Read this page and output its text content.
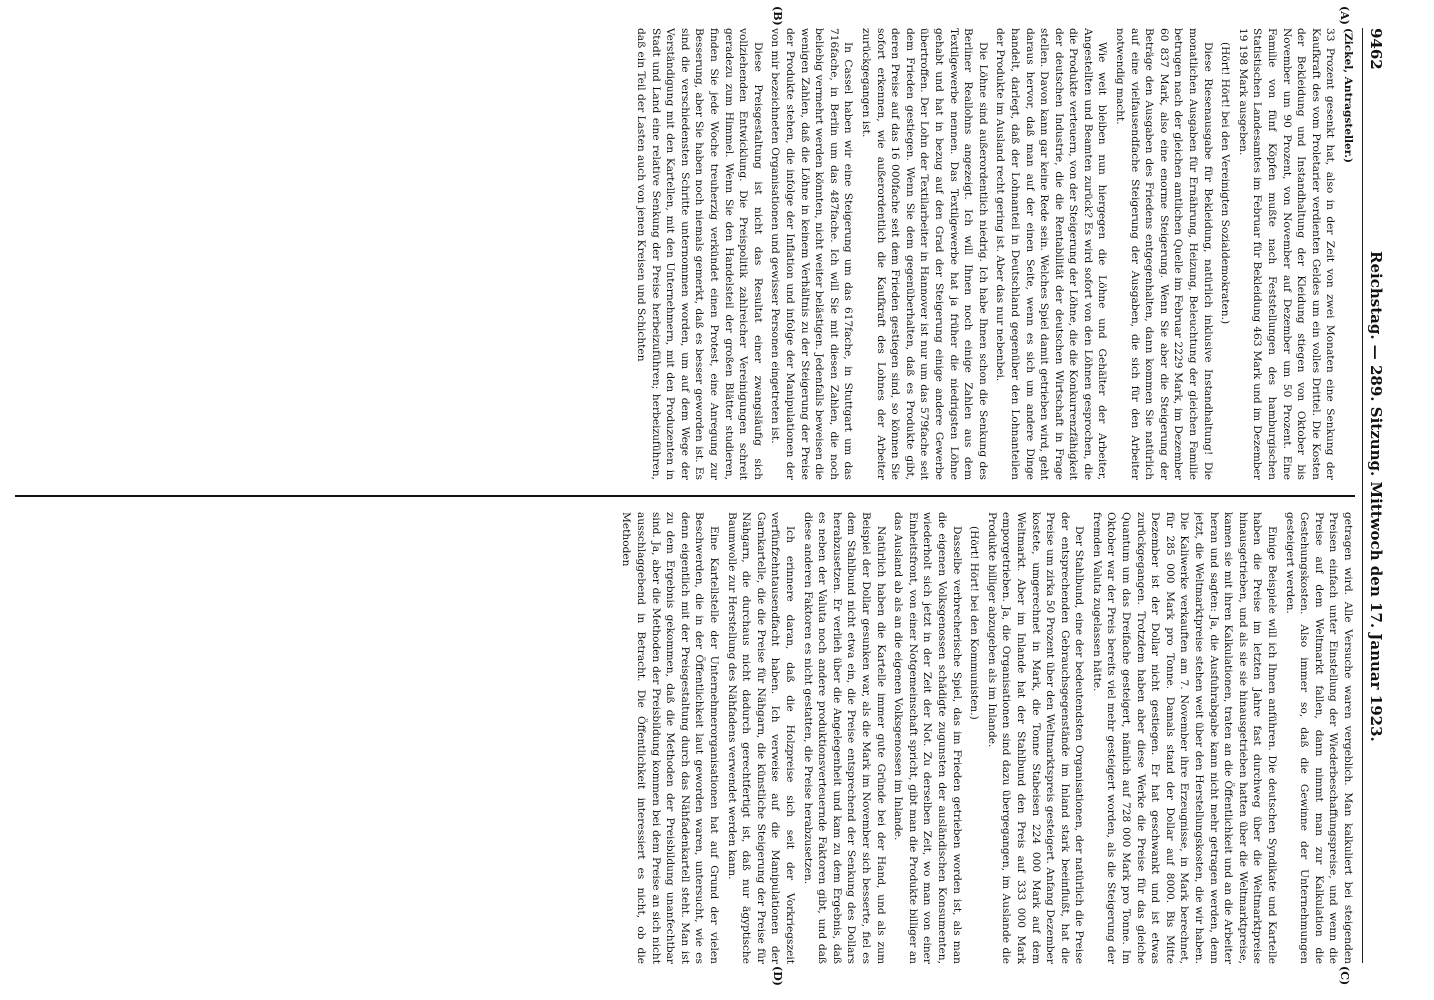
9462
Reichstag. — 289. Sitzung. Mittwoch den 17. Januar 1923.
(A)
(B)
(C)
(D)

(Zickel, Antragsteller.)

33 Prozent gesenkt hat, also in der Zeit von zwei Monaten eine Senkung der Kaufkraft des vom Proletarier verdienten Geldes um ein volles Drittel. Die Kosten der Bekleidung und Instandhaltung der Kleidung stiegen von Oktober bis November um 90 Prozent, von November auf Dezember um 50 Prozent. Eine Familie von fünf Köpfen mußte nach Feststellungen des hamburgischen Statistischen Landesamtes im Februar für Bekleidung 463 Mark und im Dezember 19 198 Mark ausgeben.

(Hört! Hört! bei den Vereinigten Sozialdemokraten.)

Diese Riesenausgabe für Bekleidung, natürlich inklusive Instandhaltung! Die monatlichen Ausgaben für Ernährung, Heizung, Beleuchtung der gleichen Familie betrugen nach der gleichen amtlichen Quelle im Februar 2229 Mark, im Dezember 60 837 Mark, also eine enorme Steigerung. Wenn Sie aber die Steigerung der Beträge den Ausgaben des Friedens entgegenhalten, dann kommen Sie natürlich auf eine vielfausendfache Steigerung der Ausgaben, die sich für den Arbeiter notwendig macht.

Wie weit bleiben nun hiergegen die Löhne und Gehälter der Arbeiter, Angestellten und Beamten zurück? Es wird sofort von den Löhnen gesprochen, die die Produkte verteuern, von der Steigerung der Löhne, die die Konkurrenzfähigkeit der deutschen Industrie, die die Rentabilität der deutschen Wirtschaft in Frage stellen. Davon kann gar keine Rede sein. Welches Spiel damit getrieben wird, geht daraus hervor, daß man auf der einen Seite, wenn es sich um andere Dinge handelt, darlegt, daß der Lohnanteil in Deutschland gegenüber den Lohnanteilen der Produkte im Ausland recht gering ist. Aber das nur nebenbei.

Die Löhne sind außerordentlich niedrig. Ich habe Ihnen schon die Senkung des Berliner Reallohns angezeigt. Ich will Ihnen noch einige Zahlen aus dem Textilgewerbe nennen. Das Textilgewerbe hat ja früher die niedrigsten Löhne gehabt und hat in bezug auf den Grad der Steigerung einige andere Gewerbe übertroffen. Der Lohn der Textilarbeiter in Hannover ist nur um das 579fache seit dem Frieden gestiegen. Wenn Sie dem gegenüberhalten, daß es Produkte gibt, deren Preise auf das 16 000fache seit dem Frieden gestiegen sind, so können Sie sofort erkennen, wie außerordentlich die Kaufkraft des Lohnes der Arbeiter zurückgegangen ist.

In Cassel haben wir eine Steigerung um das 617fache, in Stuttgart um das 716fache, in Berlin um das 487fache. Ich will Sie mit diesen Zahlen, die noch beliebig vermehrt werden könnten, nicht weiter belästigen. Jedenfalls beweisen die wenigen Zahlen, daß die Löhne in keinem Verhältnis zu der Steigerung der Preise der Produkte stehen, die infolge der Inflation und infolge der Manipulationen der von mir bezeichneten Organisationen und gewisser Personen eingetreten ist.

Diese Preisgestaltung ist nicht das Resultat einer zwangsläufig sich vollziehenden Entwicklung. Die Preispolitik zahlreicher Vereinigungen schreit geradezu zum Himmel. Wenn Sie den Handelsteil der großen Blätter studieren, finden Sie jede Woche treuherzig verkündet einen Protest, eine Anregung zur Besserung, aber Sie haben noch niemals gemerkt, daß es besser geworden ist. Es sind die verschiedensten Schritte unternommen worden, um auf dem Wege der Verständigung mit den Kartellen, mit den Unternehmern, mit den Produzenten in Stadt und Land eine relative Senkung der Preise herbeizuführen; herbeizuführen, daß ein Teil der Lasten auch von jenen Kreisen und Schichten

getragen wird. Alle Versuche waren vergeblich. Man kalkuliert bei steigenden Preisen einfach unter Einstellung der Wiederbeschaffungspreise, und wenn die Preise auf dem Weltmarkt fallen, dann nimmt man zur Kalkulation die Gestehungskosten. Also immer so, daß die Gewinne der Unternehmungen gesteigert werden.

Einige Beispiele will ich Ihnen anführen. Die deutschen Syndikate und Kartelle haben die Preise im letzten Jahre fast durchweg über die Weltmarktpreise hinausgetrieben, und als sie sie hinausgetrieben hatten über die Weltmarktpreise, kamen sie mit ihren Kalkulationen, traten an die Öffentlichkeit und an die Arbeiter heran und sagten: Ja, die Ausfuhrabgabe kann nicht mehr getragen werden, denn jetzt, die Weltmarktpreise stehen weit über den Herstellungskosten, die wir haben. Die Kaliwerke verkauften am 7. November ihre Erzeugnisse, in Mark berechnet, für 285 000 Mark pro Tonne. Damals stand der Dollar auf 8000. Bis Mitte Dezember ist der Dollar nicht gestiegen. Er hat geschwankt und ist etwas zurückgegangen. Trotzdem haben aber diese Werke die Preise für das gleiche Quantum um das Dreifache gesteigert, nämlich auf 728 000 Mark pro Tonne. Im Oktober war der Preis bereits viel mehr gesteigert worden, als die Steigerung der fremden Valuta zugelassen hätte.

Der Stahlbund, eine der bedeutendsten Organisationen, der natürlich die Preise der entsprechenden Gebrauchsgegenstände im Inland stark beeinflußt, hat die Preise um zirka 50 Prozent über den Weltmarktspreis gesteigert. Anfang Dezember kostete, umgerechnet in Mark, die Tonne Stabeisen 224 000 Mark auf dem Weltmarkt. Aber im Inlande hat der Stahlbund den Preis auf 333 000 Mark emporgetrieben. Ja, die Organisationen sind dazu übergegangen, im Auslande die Produkte billiger abzugeben als im Inlande.

(Hört! Hört! bei den Kommunisten.)

Dasselbe verbrecherische Spiel, das im Frieden getrieben worden ist, als man die eigenen Volksgenossen schädigte zugunsten der ausländischen Konsumenten, wiederholt sich jetzt in der Zeit der Not. Zu derselben Zeit, wo man von einer Einheitsfront, von einer Notgemeinschaft spricht, gibt man die Produkte billiger an das Ausland ab als an die eigenen Volksgenossen im Inlande.

Natürlich haben die Kartelle immer gute Gründe bei der Hand, und als zum Beispiel der Dollar gesunken war, als die Mark im November sich besserte, fiel es dem Stahlbund nicht etwa ein, die Preise entsprechend der Senkung des Dollars herabzusetzen. Er verlieh über die Angelegenheit und kam zu dem Ergebnis, daß es neben der Valuta noch andere produktionsverteuernde Faktoren gibt, und daß diese anderen Faktoren es nicht gestatten, die Preise herabzusetzen.

Ich erinnere daran, daß die Holzpreise sich seit der Vorkriegszeit verfünfzehntausendfacht haben. Ich verweise auf die Manipulationen der Garnkartelle, die die Preise für Nähgarn, die künstliche Steigerung der Preise für Nähgarn, die durchaus nicht dadurch gerechtfertigt ist, daß nur ägyptische Baumwolle zur Herstellung des Nähfadens verwendet werden kann.

Eine Kartellstelle der Unternehmerorganisationen hat auf Grund der vielen Beschwerden, die in der Öffentlichkeit laut geworden waren, untersucht, wie es denn eigentlich mit der Preisgestaltung durch das Nähfadenkartell steht. Man ist zu dem Ergebnis gekommen, daß die Methoden der Preisbildung unanfechtbar sind. Ja, aber die Methoden der Preisbildung kommen bei dem Preise an sich nicht ausschlaggebend in Betracht. Die Öffentlichkeit interessiert es nicht, ob die Methoden
